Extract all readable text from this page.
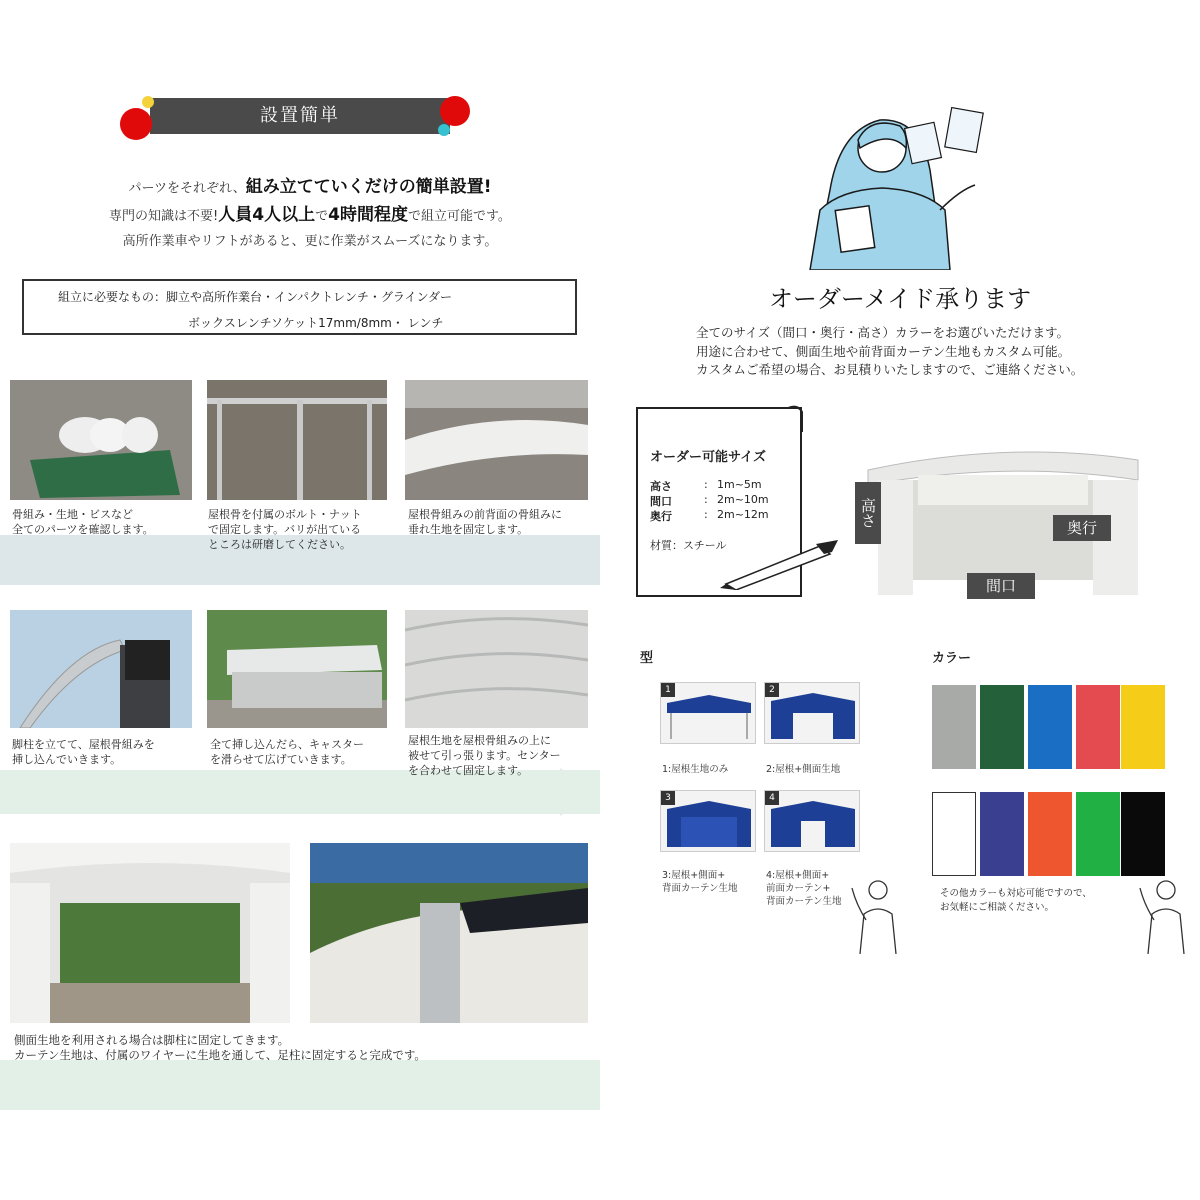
設置簡単
パーツをそれぞれ、組み立てていくだけの簡単設置!
専門の知識は不要!人員4人以上で4時間程度で組立可能です。
高所作業車やリフトがあると、更に作業がスムーズになります。
組立に必要なもの：脚立や高所作業台・インパクトレンチ・グラインダー
ボックスレンチソケット17mm/8mm・ レンチ
骨組み・生地・ビスなど
全てのパーツを確認します。
屋根骨を付属のボルト・ナット
で固定します。バリが出ている
ところは研磨してください。
屋根骨組みの前背面の骨組みに
垂れ生地を固定します。
脚柱を立てて、屋根骨組みを
挿し込んでいきます。
全て挿し込んだら、キャスター
を滑らせて広げていきます。
屋根生地を屋根骨組みの上に
被せて引っ張ります。センター
を合わせて固定します。
側面生地を利用される場合は脚柱に固定してきます。
カーテン生地は、付属のワイヤーに生地を通して、足柱に固定すると完成です。
オーダーメイド承ります
全てのサイズ（間口・奥行・高さ）カラーをお選びいただけます。
用途に合わせて、側面生地や前背面カーテン生地もカスタム可能。
カスタムご希望の場合、お見積りいたしますので、ご連絡ください。
オーダー可能サイズ
高さ	: 1m~5m
間口	: 2m~10m
奥行	: 2m~12m
材質：スチール
高さ	奥行
間口
型
1	2
3	4
1:屋根生地のみ	2:屋根+側面生地
3:屋根+側面+
背面カーテン生地
4:屋根+側面+
前面カーテン+
背面カーテン生地
カラー
その他カラーも対応可能ですので、
お気軽にご相談ください。
